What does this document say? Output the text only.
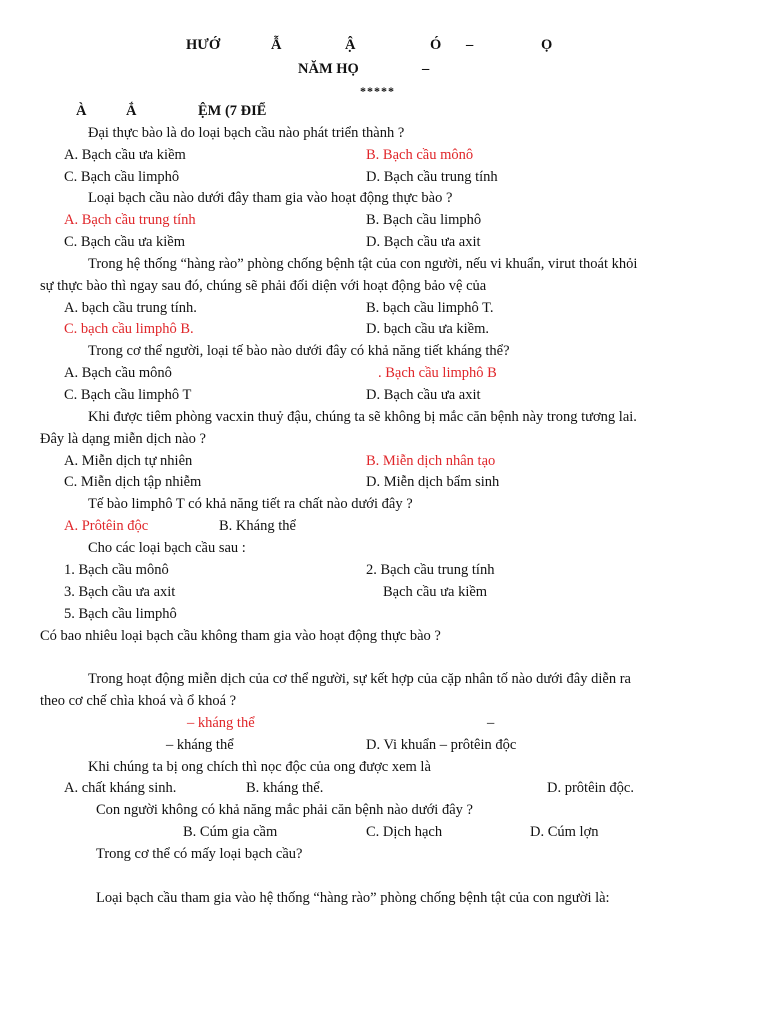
HƯỚ	Ẫ	Ậ	Ó –	Ọ
NĂM HỌ	–
*****
À	Ắ	ỆM (7 ĐIỂ
Đại thực bào là do loại bạch cầu nào phát triển thành ?
A. Bạch cầu ưa kiềm	B. Bạch cầu mônô
C. Bạch cầu limphô	D. Bạch cầu trung tính
Loại bạch cầu nào dưới đây tham gia vào hoạt động thực bào ?
A. Bạch cầu trung tính	B. Bạch cầu limphô
C. Bạch cầu ưa kiềm	D. Bạch cầu ưa axit
Trong hệ thống “hàng rào” phòng chống bệnh tật của con người, nếu vi khuẩn, virut thoát khỏi
sự thực bào thì ngay sau đó, chúng sẽ phải đối diện với hoạt động bảo vệ của
A. bạch cầu trung tính.	B. bạch cầu limphô T.
C. bạch cầu limphô B.	D. bạch cầu ưa kiềm.
Trong cơ thể người, loại tế bào nào dưới đây có khả năng tiết kháng thể?
A. Bạch cầu mônô	. Bạch cầu limphô B
C. Bạch cầu limphô T	D. Bạch cầu ưa axit
Khi được tiêm phòng vacxin thuỷ đậu, chúng ta sẽ không bị mắc căn bệnh này trong tương lai.
Đây là dạng miễn dịch nào ?
A. Miễn dịch tự nhiên	B. Miễn dịch nhân tạo
C. Miễn dịch tập nhiễm	D. Miễn dịch bẩm sinh
Tế bào limphô T có khả năng tiết ra chất nào dưới đây ?
A. Prôtêin độc	B. Kháng thể
Cho các loại bạch cầu sau :
1. Bạch cầu mônô	2. Bạch cầu trung tính
3. Bạch cầu ưa axit	Bạch cầu ưa kiềm
5. Bạch cầu limphô
Có bao nhiêu loại bạch cầu không tham gia vào hoạt động thực bào ?
Trong hoạt động miễn dịch của cơ thể người, sự kết hợp của cặp nhân tố nào dưới đây diễn ra
theo cơ chế chìa khoá và ổ khoá ?
– kháng thể	–
– kháng thể	D. Vi khuẩn – prôtêin độc
Khi chúng ta bị ong chích thì nọc độc của ong được xem là
A. chất kháng sinh.	B. kháng thể.	D. prôtêin độc.
Con người không có khả năng mắc phải căn bệnh nào dưới đây ?
B. Cúm gia cầm	C. Dịch hạch	D. Cúm lợn
Trong cơ thể có mấy loại bạch cầu?
Loại bạch cầu tham gia vào hệ thống “hàng rào” phòng chống bệnh tật của con người là:
